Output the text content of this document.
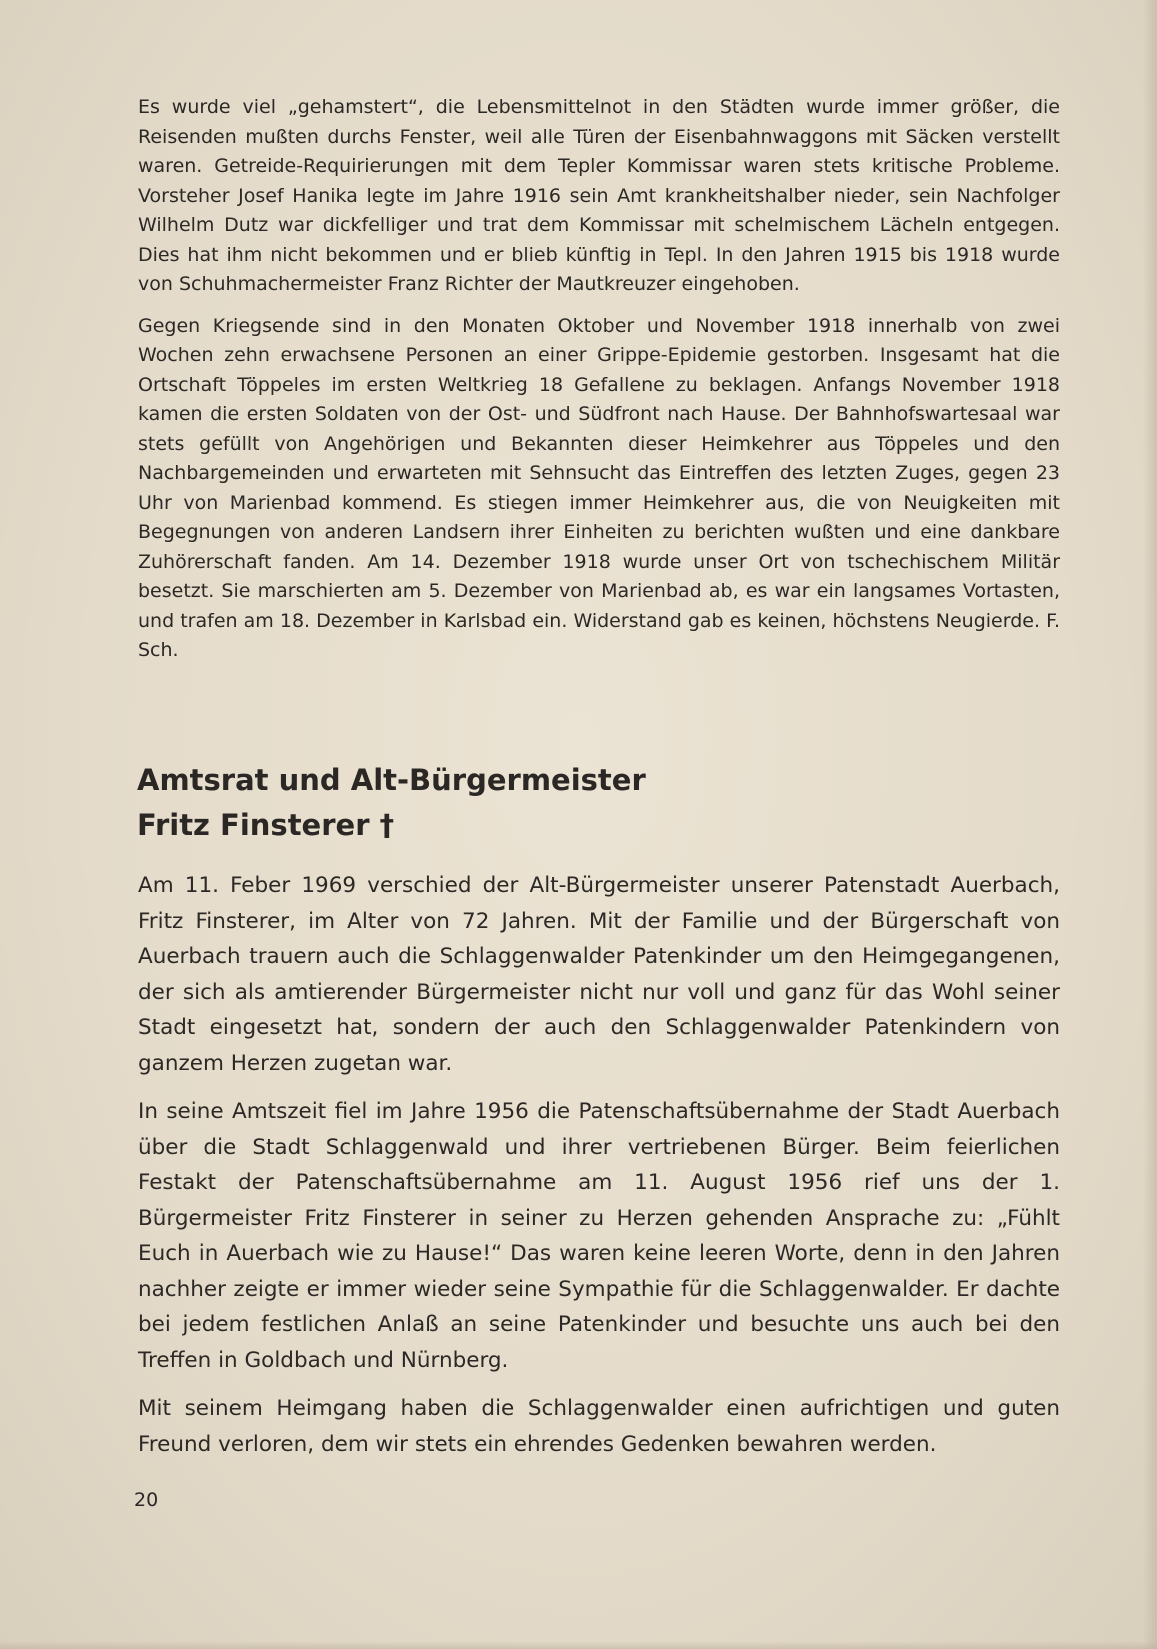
Es wurde viel „gehamstert“, die Lebensmittelnot in den Städten wurde immer größer, die Reisenden mußten durchs Fenster, weil alle Türen der Eisenbahnwaggons mit Säcken verstellt waren. Getreide-Requirierungen mit dem Tepler Kommissar waren stets kritische Probleme. Vorsteher Josef Hanika legte im Jahre 1916 sein Amt krankheitshalber nieder, sein Nachfolger Wilhelm Dutz war dickfelliger und trat dem Kommissar mit schelmischem Lächeln entgegen. Dies hat ihm nicht bekommen und er blieb künftig in Tepl. In den Jahren 1915 bis 1918 wurde von Schuhmachermeister Franz Richter der Mautkreuzer eingehoben.

Gegen Kriegsende sind in den Monaten Oktober und November 1918 innerhalb von zwei Wochen zehn erwachsene Personen an einer Grippe-Epidemie gestorben. Insgesamt hat die Ortschaft Töppeles im ersten Weltkrieg 18 Gefallene zu beklagen. Anfangs November 1918 kamen die ersten Soldaten von der Ost- und Südfront nach Hause. Der Bahnhofswartesaal war stets gefüllt von Angehörigen und Bekannten dieser Heimkehrer aus Töppeles und den Nachbargemeinden und erwarteten mit Sehnsucht das Eintreffen des letzten Zuges, gegen 23 Uhr von Marienbad kommend. Es stiegen immer Heimkehrer aus, die von Neuigkeiten mit Begegnungen von anderen Landsern ihrer Einheiten zu berichten wußten und eine dankbare Zuhörerschaft fanden. Am 14. Dezember 1918 wurde unser Ort von tschechischem Militär besetzt. Sie marschierten am 5. Dezember von Marienbad ab, es war ein langsames Vortasten, und trafen am 18. Dezember in Karlsbad ein. Widerstand gab es keinen, höchstens Neugierde. F. Sch.

Amtsrat und Alt-Bürgermeister
Fritz Finsterer †

Am 11. Feber 1969 verschied der Alt-Bürgermeister unserer Patenstadt Auerbach, Fritz Finsterer, im Alter von 72 Jahren. Mit der Familie und der Bürgerschaft von Auerbach trauern auch die Schlaggenwalder Patenkinder um den Heimgegangenen, der sich als amtierender Bürgermeister nicht nur voll und ganz für das Wohl seiner Stadt eingesetzt hat, sondern der auch den Schlaggenwalder Patenkindern von ganzem Herzen zugetan war.

In seine Amtszeit fiel im Jahre 1956 die Patenschaftsübernahme der Stadt Auerbach über die Stadt Schlaggenwald und ihrer vertriebenen Bürger. Beim feierlichen Festakt der Patenschaftsübernahme am 11. August 1956 rief uns der 1. Bürgermeister Fritz Finsterer in seiner zu Herzen gehenden Ansprache zu: „Fühlt Euch in Auerbach wie zu Hause!“ Das waren keine leeren Worte, denn in den Jahren nachher zeigte er immer wieder seine Sympathie für die Schlaggenwalder. Er dachte bei jedem festlichen Anlaß an seine Patenkinder und besuchte uns auch bei den Treffen in Goldbach und Nürnberg.

Mit seinem Heimgang haben die Schlaggenwalder einen aufrichtigen und guten Freund verloren, dem wir stets ein ehrendes Gedenken bewahren werden.

20
